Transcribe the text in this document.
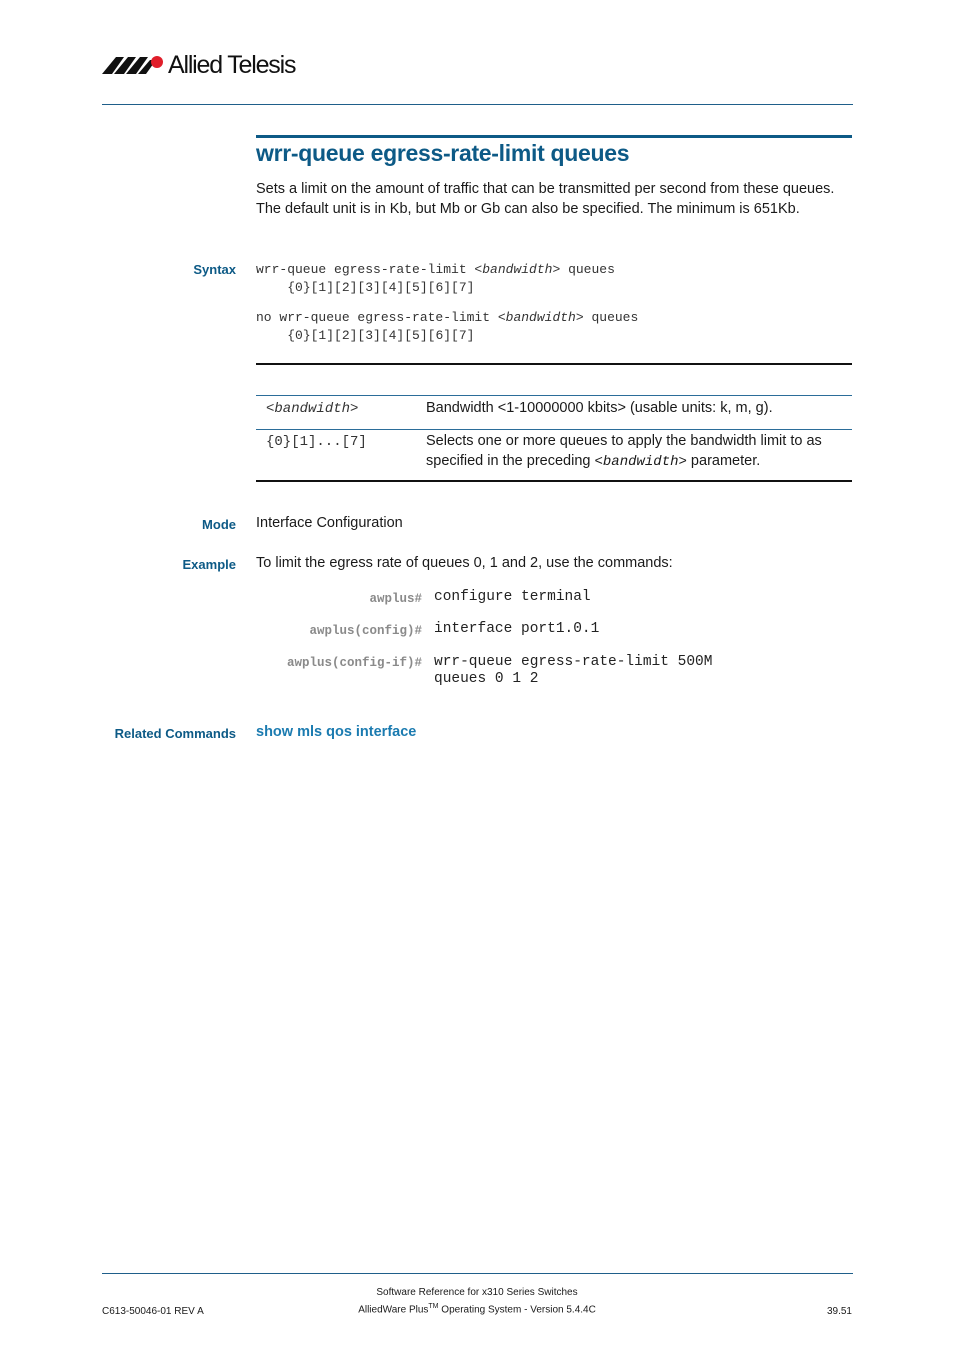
Allied Telesis
wrr-queue egress-rate-limit queues

Sets a limit on the amount of traffic that can be transmitted per second from these queues. The default unit is in Kb, but Mb or Gb can also be specified. The minimum is 651Kb.

Syntax wrr-queue egress-rate-limit <bandwidth> queues
{0}[1][2][3][4][5][6][7]
no wrr-queue egress-rate-limit <bandwidth> queues
{0}[1][2][3][4][5][6][7]
<bandwidth>	Bandwidth <1-10000000 kbits> (usable units: k, m, g).
{0}[1]...[7]	Selects one or more queues to apply the bandwidth limit to as specified in the preceding <bandwidth> parameter.
Mode Interface Configuration
Example To limit the egress rate of queues 0, 1 and 2, use the commands:
awplus# configure terminal
awplus(config)# interface port1.0.1
awplus(config-if)# wrr-queue egress-rate-limit 500M
queues 0 1 2
Related Commands show mls qos interface
C613-50046-01 REV A
Software Reference for x310 Series Switches
AlliedWare Plus™ Operating System - Version 5.4.4C	39.51
